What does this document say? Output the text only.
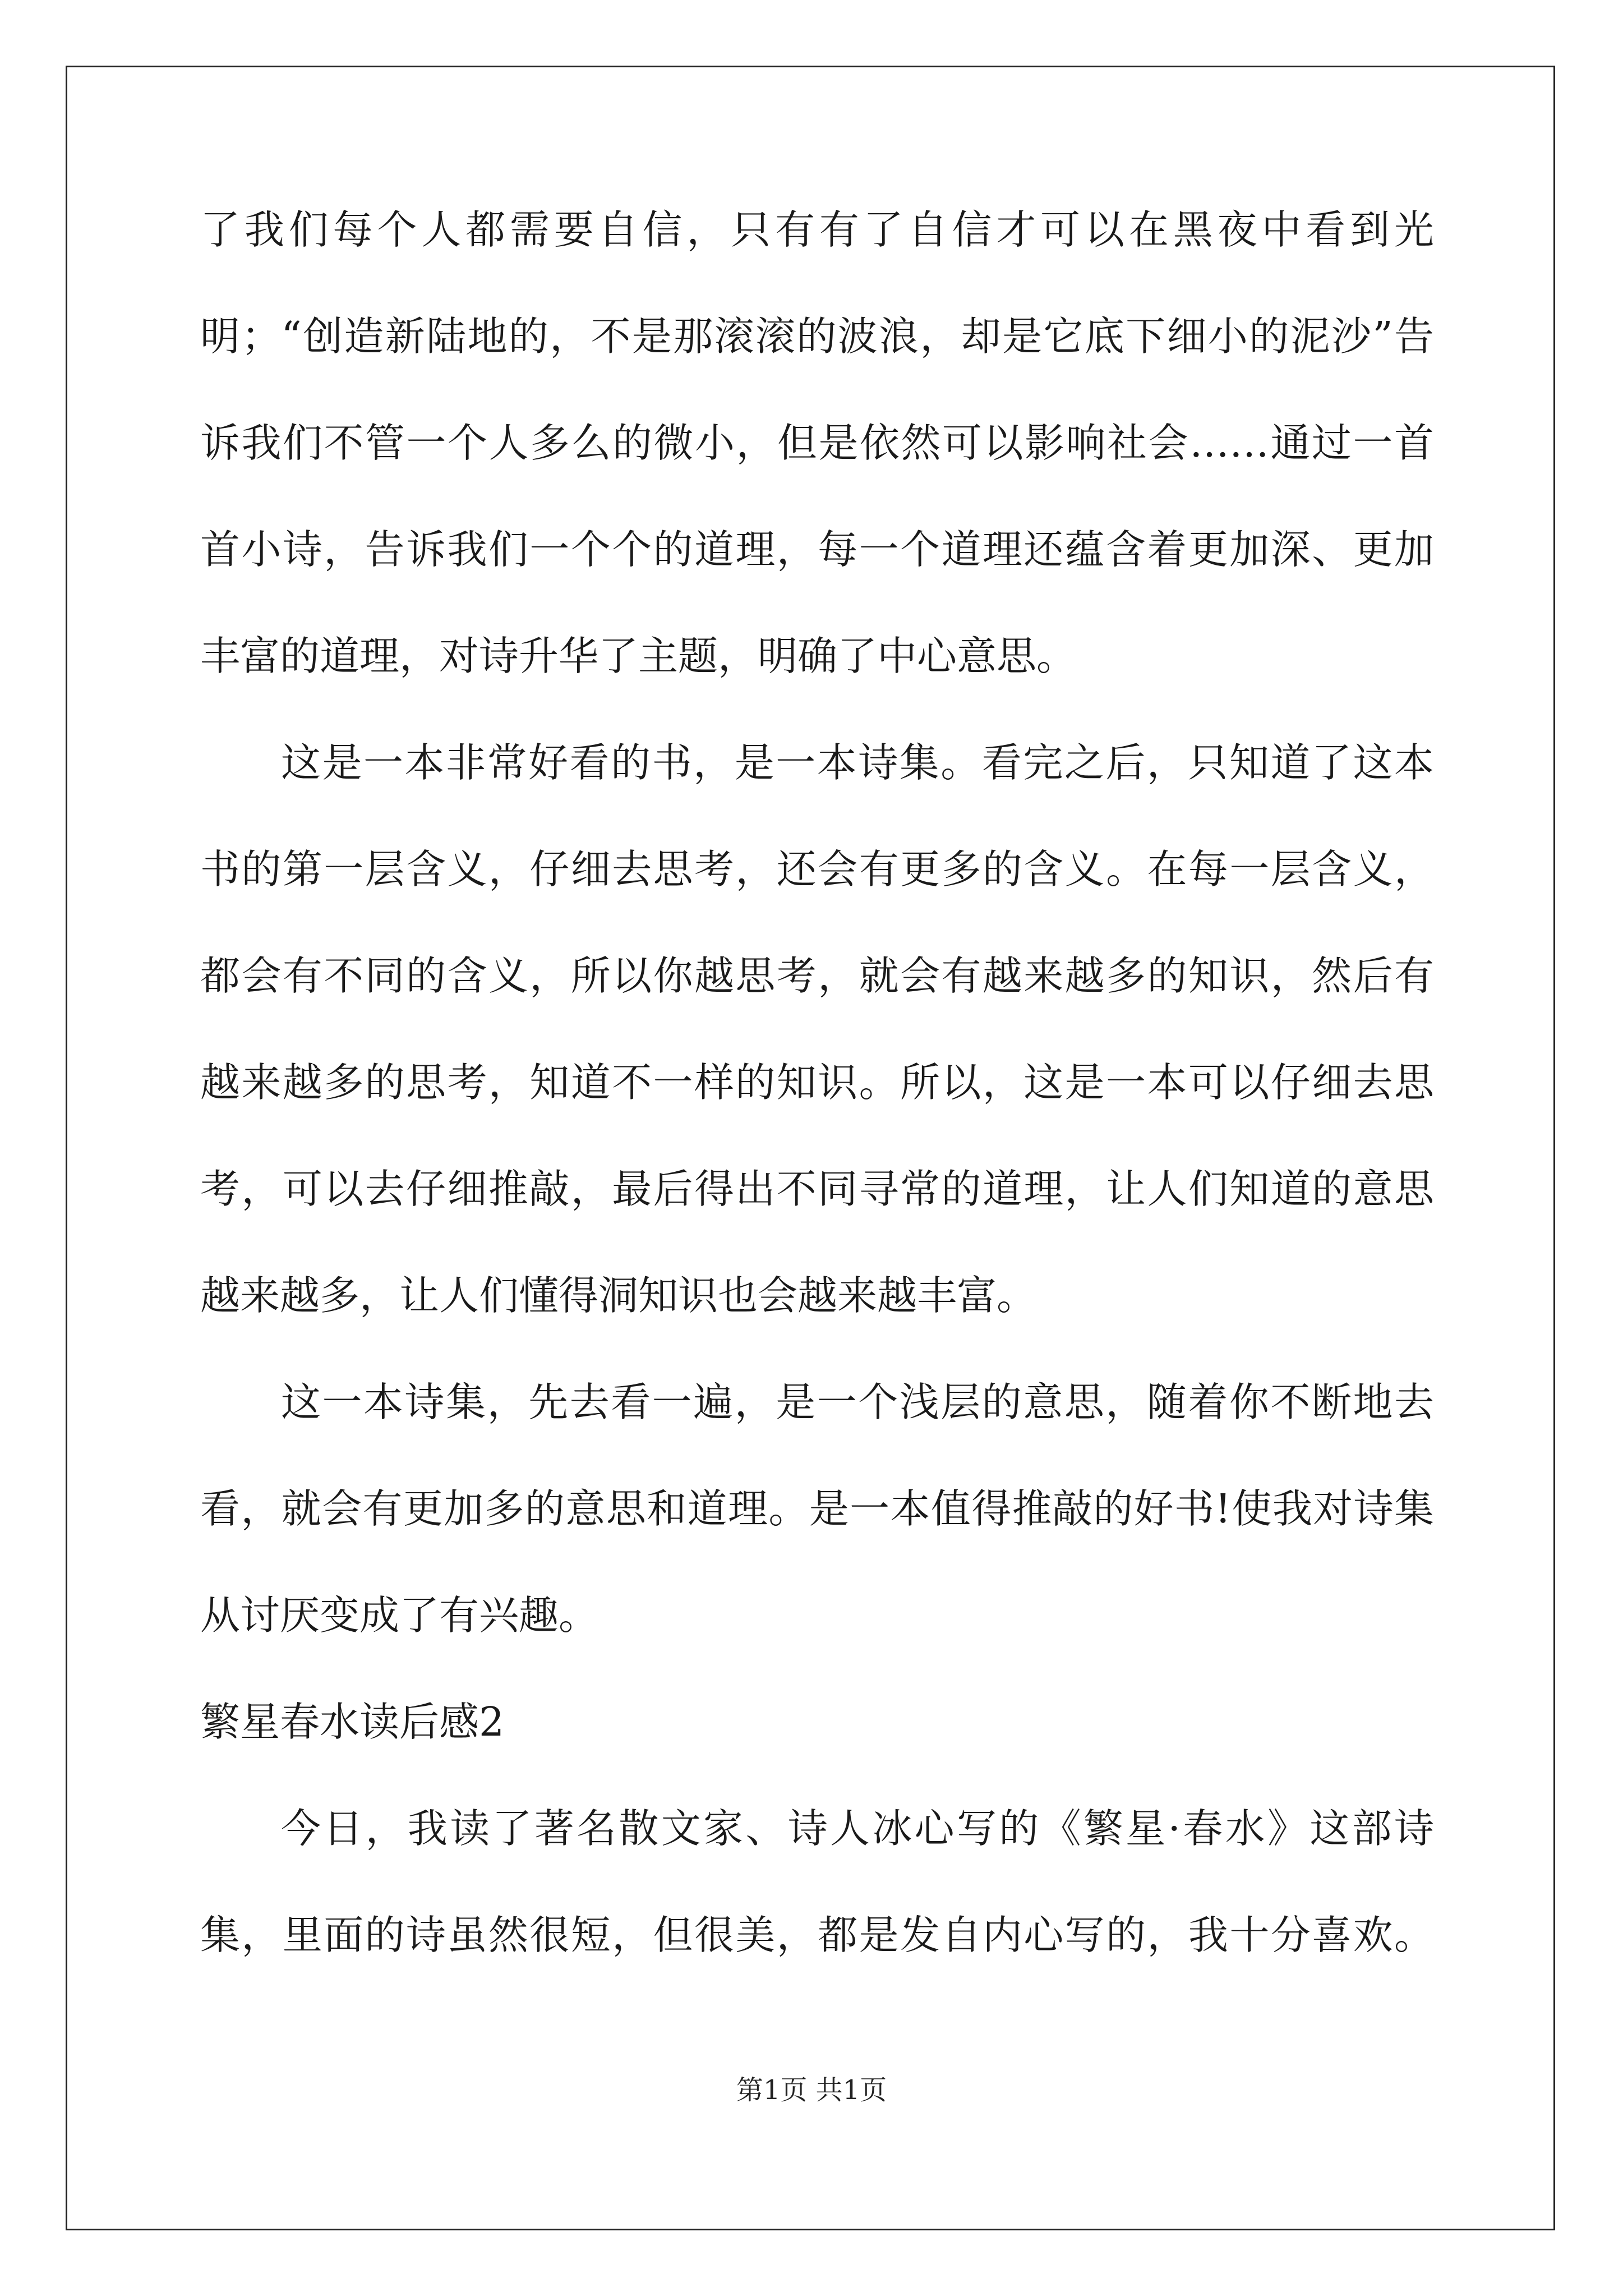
了我们每个人都需要自信，只有有了自信才可以在黑夜中看到光
明；“创造新陆地的，不是那滚滚的波浪，却是它底下细小的泥沙”告
诉我们不管一个人多么的微小，但是依然可以影响社会……通过一首
首小诗，告诉我们一个个的道理，每一个道理还蕴含着更加深、更加
丰富的道理，对诗升华了主题，明确了中心意思。
这是一本非常好看的书，是一本诗集。看完之后，只知道了这本
书的第一层含义，仔细去思考，还会有更多的含义。在每一层含义，
都会有不同的含义，所以你越思考，就会有越来越多的知识，然后有
越来越多的思考，知道不一样的知识。所以，这是一本可以仔细去思
考，可以去仔细推敲，最后得出不同寻常的道理，让人们知道的意思
越来越多，让人们懂得洞知识也会越来越丰富。
这一本诗集，先去看一遍，是一个浅层的意思，随着你不断地去
看，就会有更加多的意思和道理。是一本值得推敲的好书!使我对诗集
从讨厌变成了有兴趣。
繁星春水读后感2
今日，我读了著名散文家、诗人冰心写的《繁星·春水》这部诗
集，里面的诗虽然很短，但很美，都是发自内心写的，我十分喜欢。
第1页 共1页
